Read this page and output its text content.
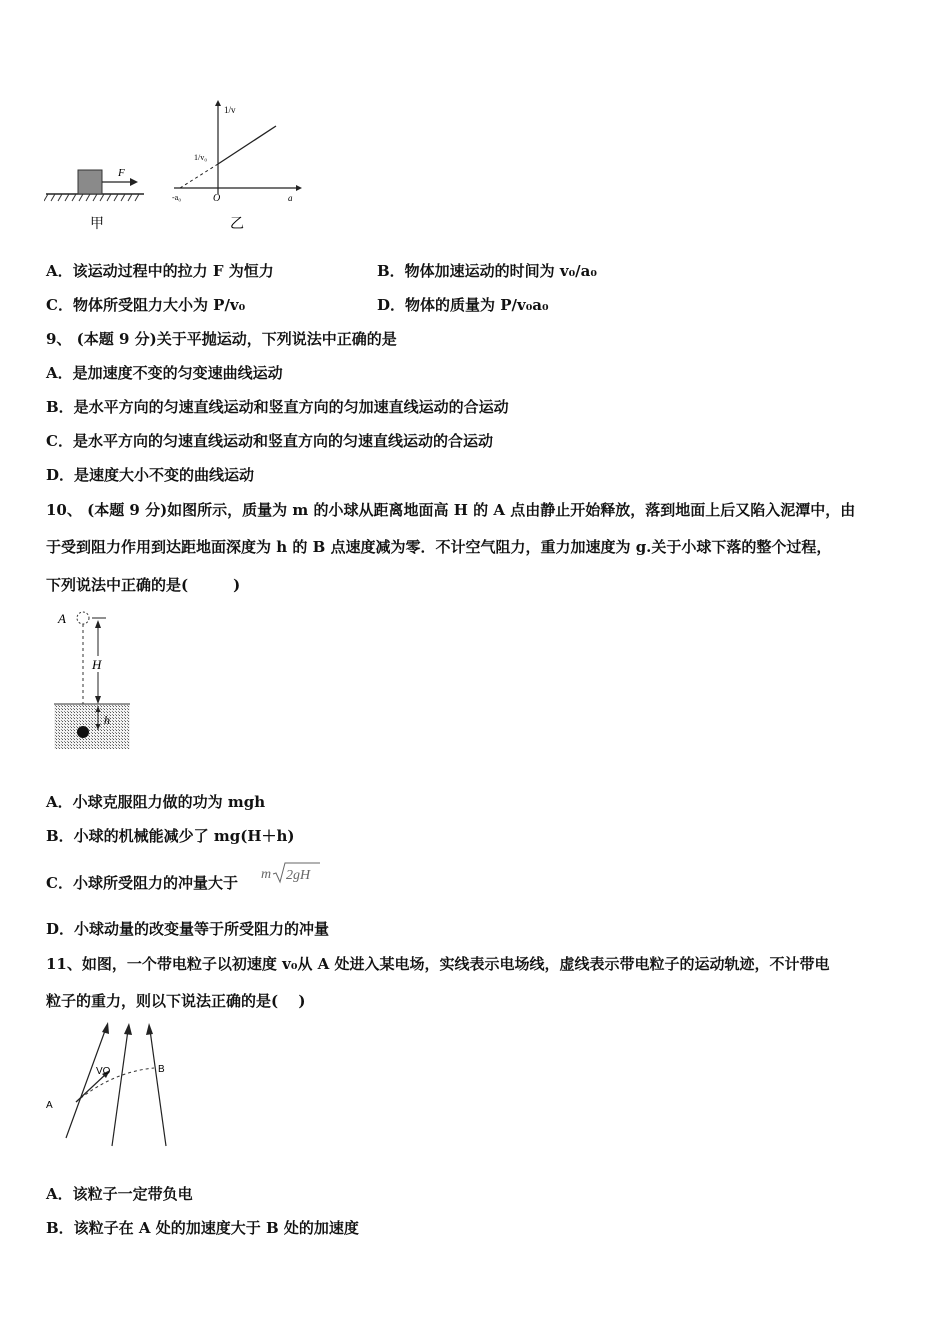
F
甲
1/v
1/v₀
-a₀	O	a
乙
A．该运动过程中的拉力 F 为恒力	B．物体加速运动的时间为 v₀/a₀
C．物体所受阻力大小为 P/v₀	D．物体的质量为 P/v₀a₀
9、 (本题 9 分)关于平抛运动，下列说法中正确的是
A．是加速度不变的匀变速曲线运动
B．是水平方向的匀速直线运动和竖直方向的匀加速直线运动的合运动
C．是水平方向的匀速直线运动和竖直方向的匀速直线运动的合运动
D．是速度大小不变的曲线运动
10、 (本题 9 分)如图所示，质量为 m 的小球从距离地面高 H 的 A 点由静止开始释放，落到地面上后又陷入泥潭中，由
于受到阻力作用到达距地面深度为 h 的 B 点速度减为零．不计空气阻力，重力加速度为 g.关于小球下落的整个过程，
下列说法中正确的是(　　　)
A
H
h
A．小球克服阻力做的功为 mgh
B．小球的机械能减少了 mg(H＋h)
C．小球所受阻力的冲量大于 m 2gH
D．小球动量的改变量等于所受阻力的冲量
11、如图，一个带电粒子以初速度 v₀从 A 处进入某电场，实线表示电场线，虚线表示带电粒子的运动轨迹，不计带电
粒子的重力，则以下说法正确的是(　 )
VO
A
B
A．该粒子一定带负电
B．该粒子在 A 处的加速度大于 B 处的加速度
